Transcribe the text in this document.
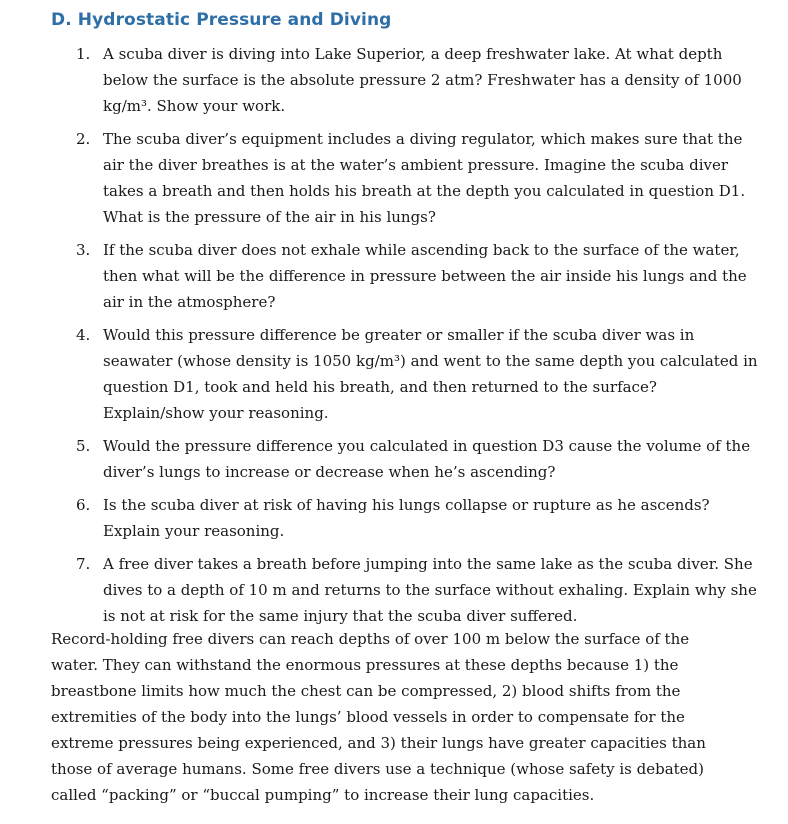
D. Hydrostatic Pressure and Diving
1. A scuba diver is diving into Lake Superior, a deep freshwater lake. At what depth below the surface is the absolute pressure 2 atm? Freshwater has a density of 1000 kg/m³. Show your work.
2. The scuba diver’s equipment includes a diving regulator, which makes sure that the air the diver breathes is at the water’s ambient pressure. Imagine the scuba diver takes a breath and then holds his breath at the depth you calculated in question D1. What is the pressure of the air in his lungs?
3. If the scuba diver does not exhale while ascending back to the surface of the water, then what will be the difference in pressure between the air inside his lungs and the air in the atmosphere?
4. Would this pressure difference be greater or smaller if the scuba diver was in seawater (whose density is 1050 kg/m³) and went to the same depth you calculated in question D1, took and held his breath, and then returned to the surface? Explain/show your reasoning.
5. Would the pressure difference you calculated in question D3 cause the volume of the diver’s lungs to increase or decrease when he’s ascending?
6. Is the scuba diver at risk of having his lungs collapse or rupture as he ascends? Explain your reasoning.
7. A free diver takes a breath before jumping into the same lake as the scuba diver. She dives to a depth of 10 m and returns to the surface without exhaling. Explain why she is not at risk for the same injury that the scuba diver suffered.

Record-holding free divers can reach depths of over 100 m below the surface of the water. They can withstand the enormous pressures at these depths because 1) the breastbone limits how much the chest can be compressed, 2) blood shifts from the extremities of the body into the lungs’ blood vessels in order to compensate for the extreme pressures being experienced, and 3) their lungs have greater capacities than those of average humans. Some free divers use a technique (whose safety is debated) called “packing” or “buccal pumping” to increase their lung capacities.
